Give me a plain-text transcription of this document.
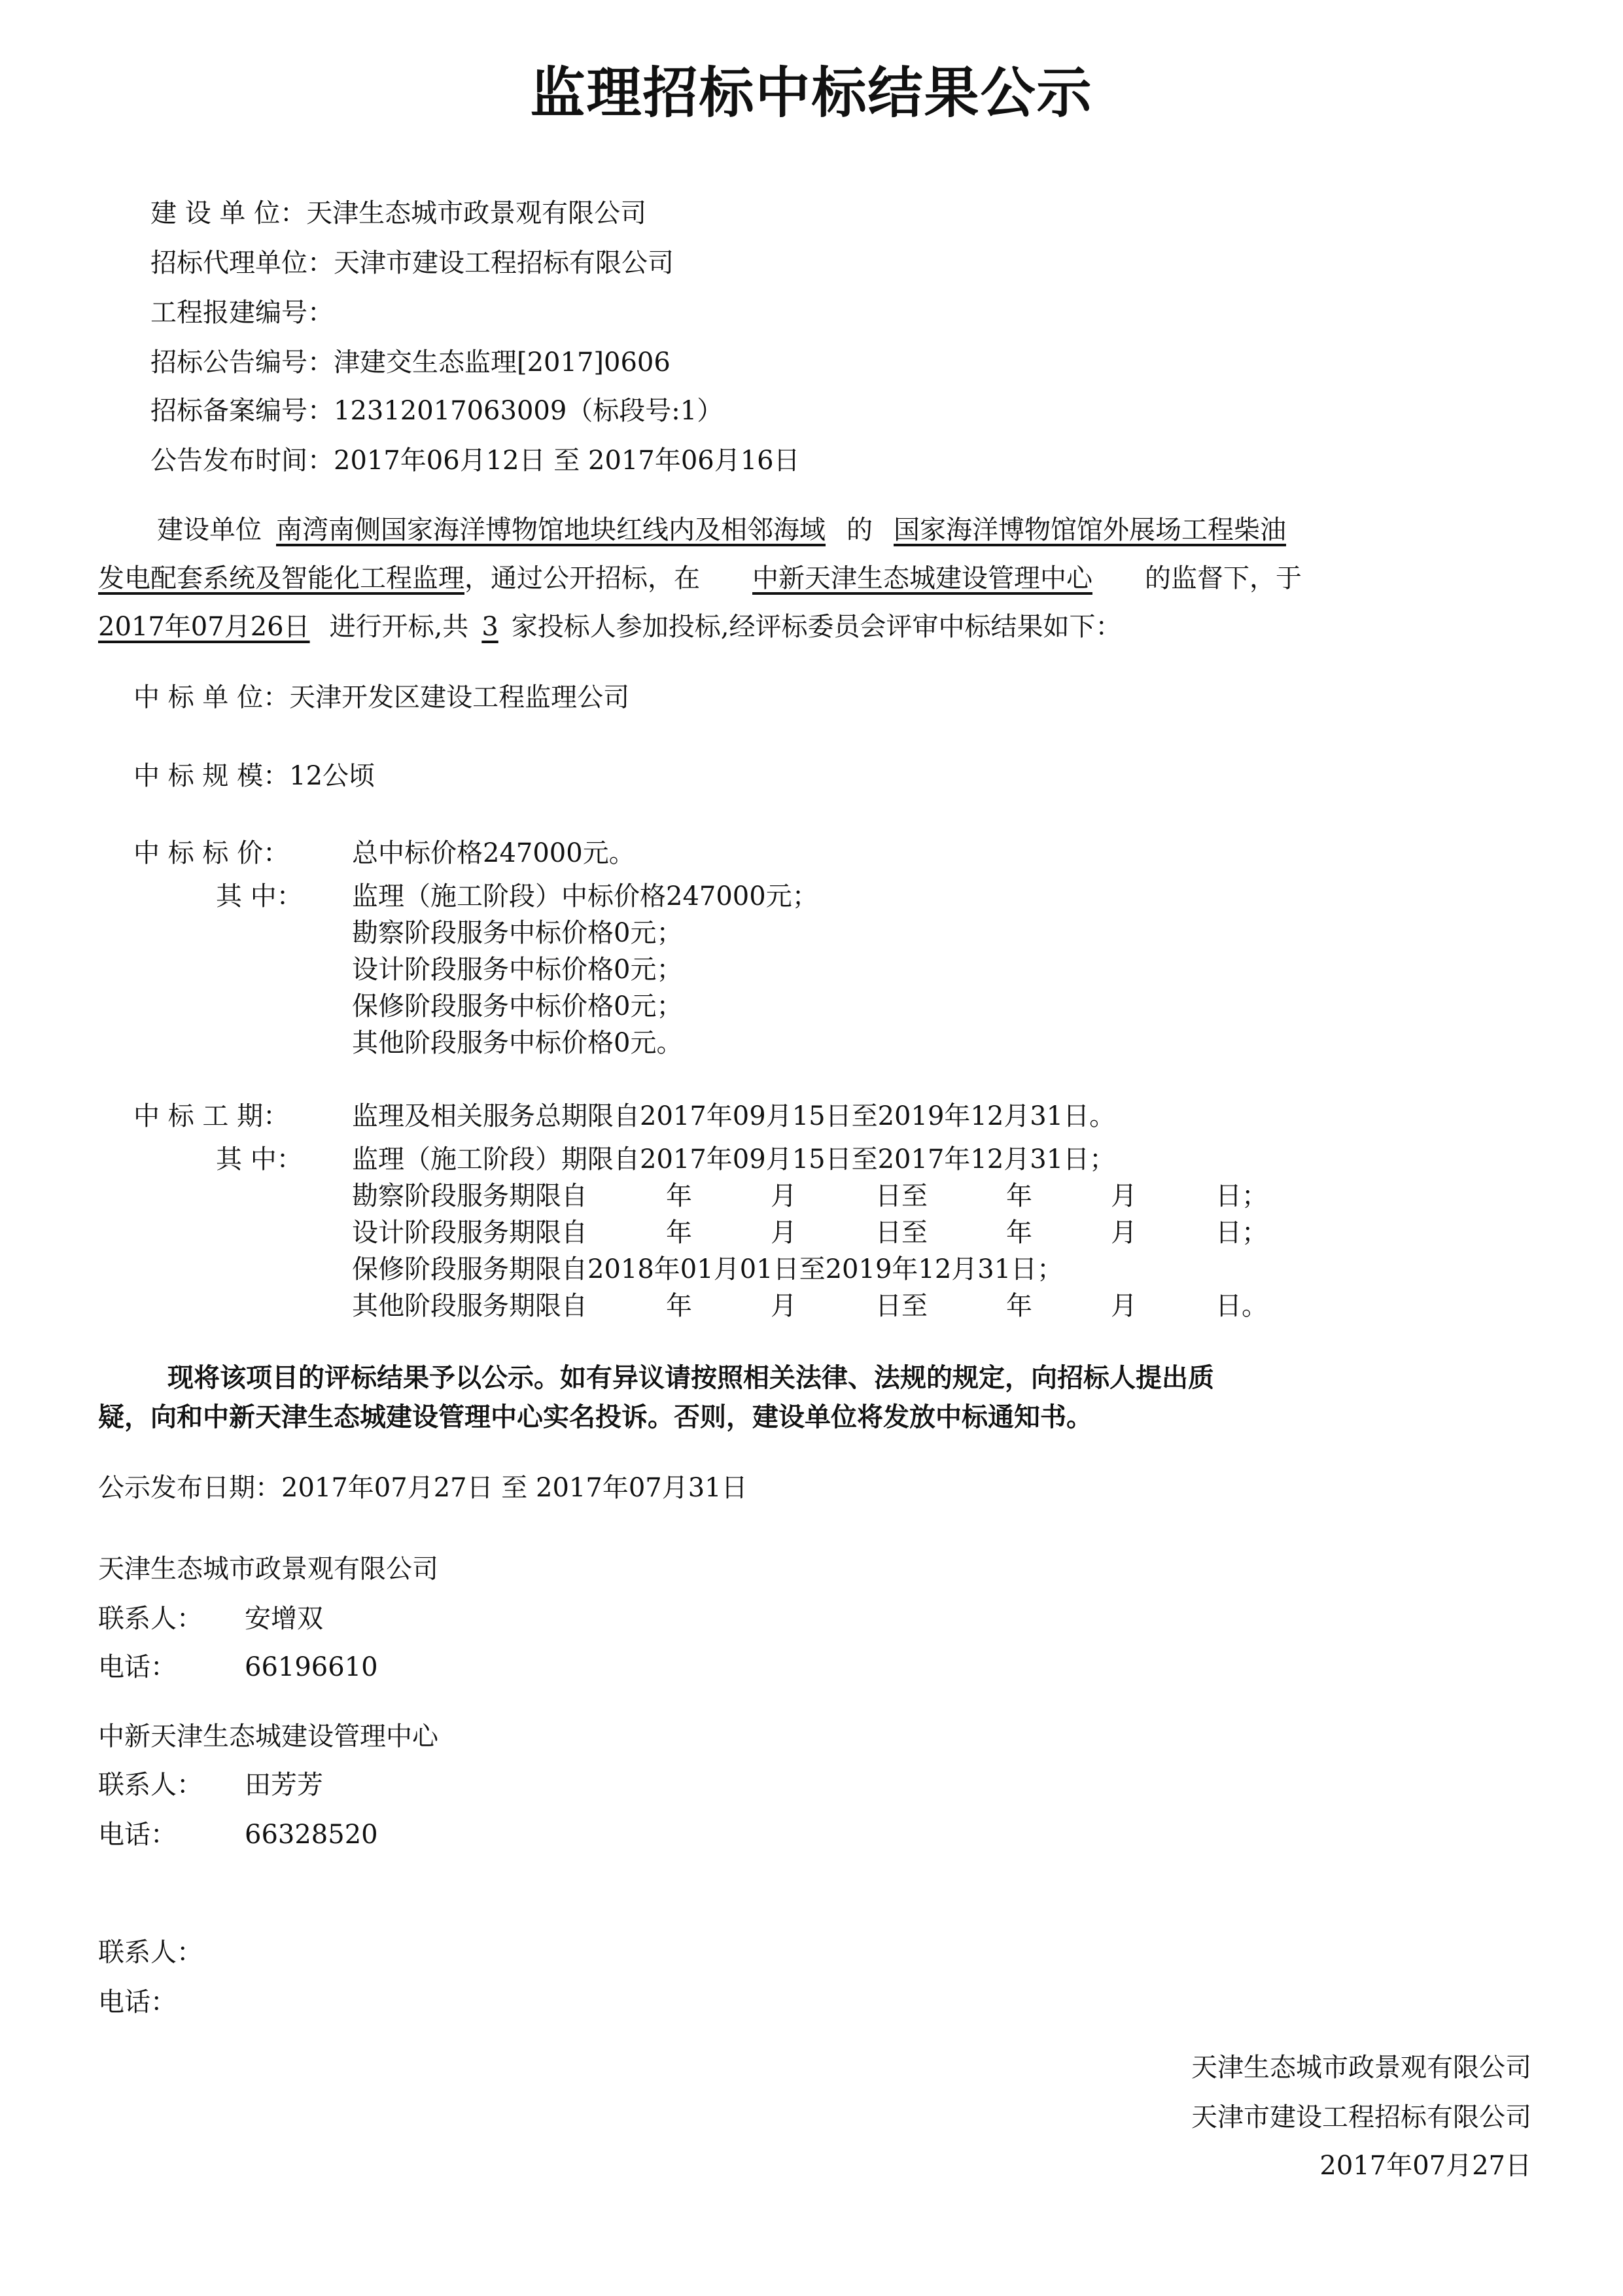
监理招标中标结果公示
建 设 单 位： 天津生态城市政景观有限公司
招标代理单位： 天津市建设工程招标有限公司
工程报建编号：
招标公告编号： 津建交生态监理[2017]0606
招标备案编号： 12312017063009（标段号:1）
公告发布时间： 2017年06月12日 至 2017年06月16日
建设单位 南湾南侧国家海洋博物馆地块红线内及相邻海域 的 国家海洋博物馆馆外展场工程柴油
发电配套系统及智能化工程监理，通过公开招标，在 中新天津生态城建设管理中心 的监督下，于
2017年07月26日 进行开标,共 3 家投标人参加投标,经评标委员会评审中标结果如下：
中 标 单 位： 天津开发区建设工程监理公司
中 标 规 模： 12公顷
中 标 标 价： 总中标价格247000元。
其 中： 监理（施工阶段）中标价格247000元；
勘察阶段服务中标价格0元；
设计阶段服务中标价格0元；
保修阶段服务中标价格0元；
其他阶段服务中标价格0元。
中 标 工 期： 监理及相关服务总期限自2017年09月15日至2019年12月31日。
其 中： 监理（施工阶段）期限自2017年09月15日至2017年12月31日；
勘察阶段服务期限自　　　年　　　月　　　日至　　　年　　　月　　　日；
设计阶段服务期限自　　　年　　　月　　　日至　　　年　　　月　　　日；
保修阶段服务期限自2018年01月01日至2019年12月31日；
其他阶段服务期限自　　　年　　　月　　　日至　　　年　　　月　　　日。
现将该项目的评标结果予以公示。如有异议请按照相关法律、法规的规定，向招标人提出质
疑，向和中新天津生态城建设管理中心实名投诉。否则，建设单位将发放中标通知书。
公示发布日期：2017年07月27日 至 2017年07月31日
天津生态城市政景观有限公司
联系人： 安增双
电话：	66196610
中新天津生态城建设管理中心
联系人： 田芳芳
电话：	66328520
联系人：
电话：
天津生态城市政景观有限公司
天津市建设工程招标有限公司
2017年07月27日
